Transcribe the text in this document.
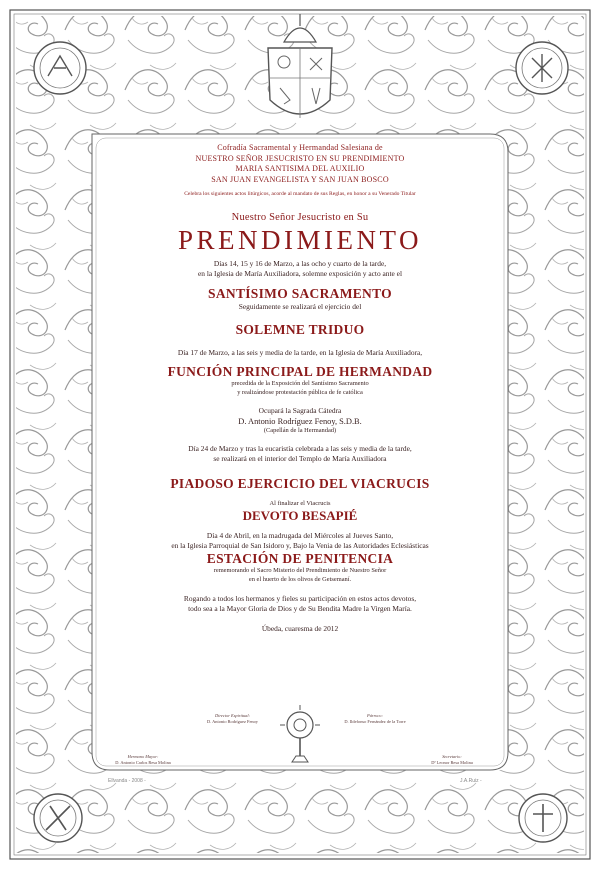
Cofradía Sacramental y Hermandad Salesiana de
NUESTRO SEÑOR JESUCRISTO EN SU PRENDIMIENTO
MARIA SANTISIMA DEL AUXILIO
SAN JUAN EVANGELISTA Y SAN JUAN BOSCO
Celebra los siguientes actos litúrgicos, acorde al mandato de sus Reglas, en honor a su Venerado Titular
Nuestro Señor Jesucristo en Su
PRENDIMIENTO
Días 14, 15 y 16 de Marzo, a las ocho y cuarto de la tarde,
en la Iglesia de María Auxiliadora, solemne exposición y acto ante el
SANTÍSIMO SACRAMENTO
Seguidamente se realizará el ejercicio del
SOLEMNE TRIDUO
Día 17 de Marzo, a las seis y media de la tarde, en la Iglesia de María Auxiliadora,
FUNCIÓN PRINCIPAL DE HERMANDAD
precedida de la Exposición del Santísimo Sacramento
y realizándose protestación pública de fe católica
Ocupará la Sagrada Cátedra
D. Antonio Rodríguez Fenoy, S.D.B.
(Capellán de la Hermandad)
Día 24 de Marzo y tras la eucaristía celebrada a las seis y media de la tarde,
se realizará en el interior del Templo de María Auxiliadora
PIADOSO EJERCICIO DEL VIACRUCIS
Al finalizar el Viacrucis
DEVOTO BESAPIÉ
Día 4 de Abril, en la madrugada del Miércoles al Jueves Santo,
en la Iglesia Parroquial de San Isidoro y, Bajo la Venia de las Autoridades Eclesiásticas
ESTACIÓN DE PENITENCIA
rememorando el Sacro Misterio del Prendimiento de Nuestro Señor
en el huerto de los olivos de Getsemaní.
Rogando a todos los hermanos y fieles su participación en estos actos devotos,
todo sea a la Mayor Gloria de Dios y de Su Bendita Madre la Virgen María.
Úbeda, cuaresma de 2012
Director Espiritual:
D. Antonio Rodríguez Fenoy
Párroco:
D. Ildefonso Fernández de la Torre
Hermano Mayor:
D. Antonio Carlos Resa Molina
Secretario:
Dª Leonor Resa Molina
Ellvanda - 2008 -	J.A.Ruiz -
